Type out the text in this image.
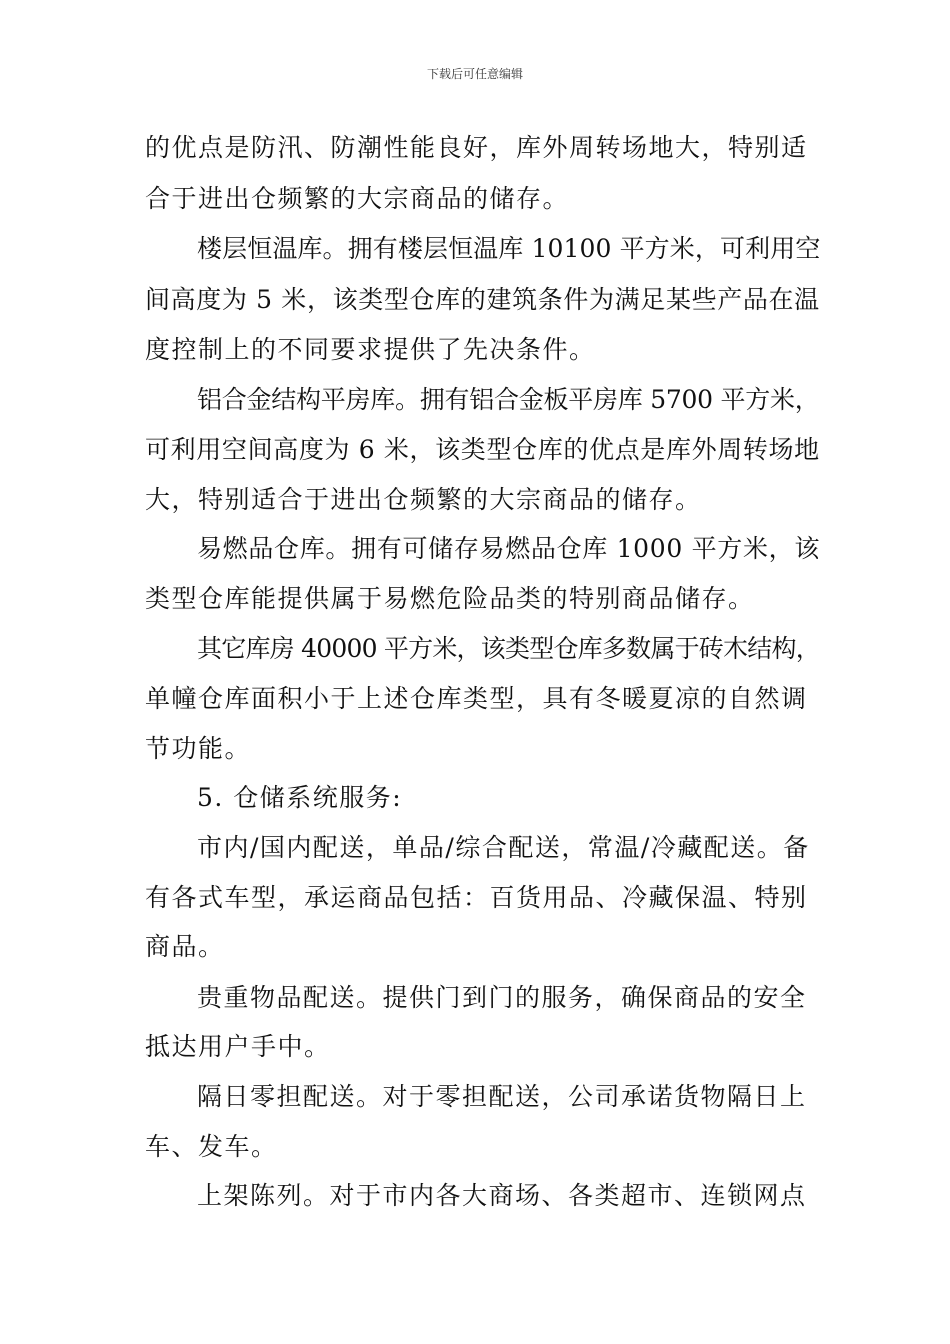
下载后可任意编辑
的优点是防汛、防潮性能良好，库外周转场地大，特别适
合于进出仓频繁的大宗商品的储存。
楼层恒温库。拥有楼层恒温库 10100 平方米，可利用空
间高度为 5 米，该类型仓库的建筑条件为满足某些产品在温
度控制上的不同要求提供了先决条件。
铝合金结构平房库。拥有铝合金板平房库 5700 平方米，
可利用空间高度为 6 米，该类型仓库的优点是库外周转场地
大，特别适合于进出仓频繁的大宗商品的储存。
易燃品仓库。拥有可储存易燃品仓库 1000 平方米，该
类型仓库能提供属于易燃危险品类的特别商品储存。
其它库房 40000 平方米，该类型仓库多数属于砖木结构，
单幢仓库面积小于上述仓库类型，具有冬暖夏凉的自然调
节功能。
5. 仓储系统服务:
市内/国内配送，单品/综合配送，常温/冷藏配送。备
有各式车型，承运商品包括：百货用品、冷藏保温、特别
商品。
贵重物品配送。提供门到门的服务，确保商品的安全
抵达用户手中。
隔日零担配送。对于零担配送，公司承诺货物隔日上
车、发车。
上架陈列。对于市内各大商场、各类超市、连锁网点
